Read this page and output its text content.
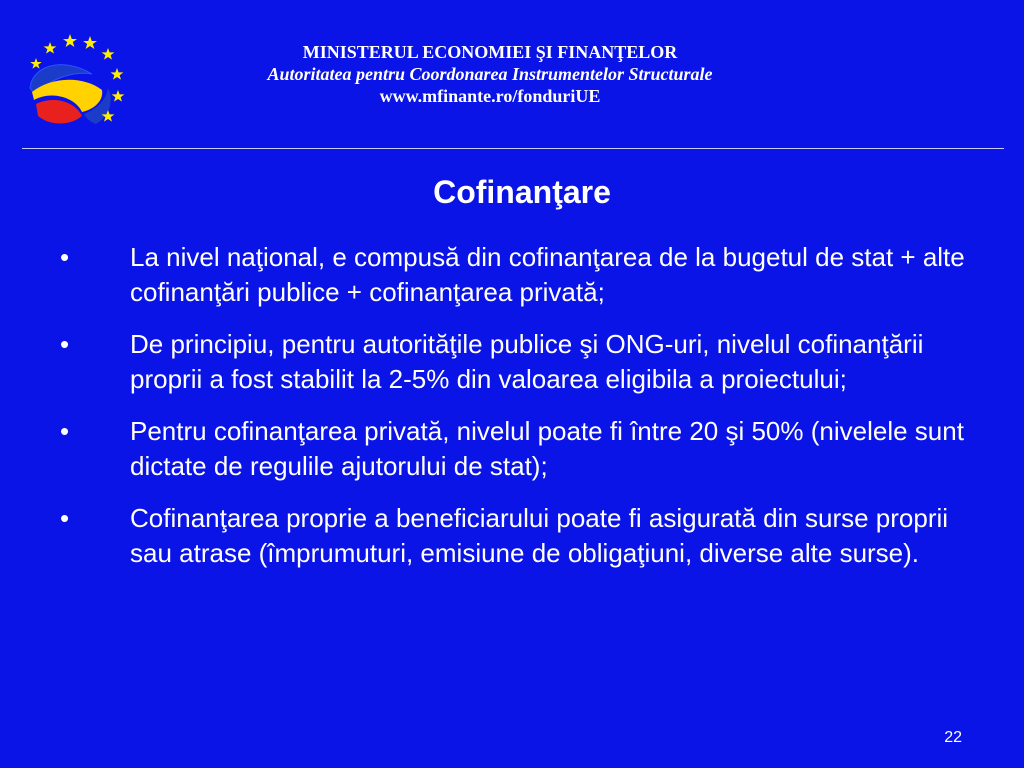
MINISTERUL ECONOMIEI ŞI FINANŢELOR
Autoritatea pentru Coordonarea Instrumentelor Structurale
www.mfinante.ro/fonduriUE
Cofinanţare
•	La nivel naţional, e compusă din cofinanţarea de la bugetul de stat + alte cofinanţări publice + cofinanţarea privată;
•	De principiu, pentru autorităţile publice şi ONG-uri, nivelul cofinanţării proprii a fost stabilit la 2-5% din valoarea eligibila a proiectului;
•	Pentru cofinanţarea privată, nivelul poate fi între 20 şi 50% (nivelele sunt dictate de regulile ajutorului de stat);
•	Cofinanţarea proprie a beneficiarului poate fi asigurată din surse proprii sau atrase (împrumuturi, emisiune de obligaţiuni, diverse alte surse).
22
